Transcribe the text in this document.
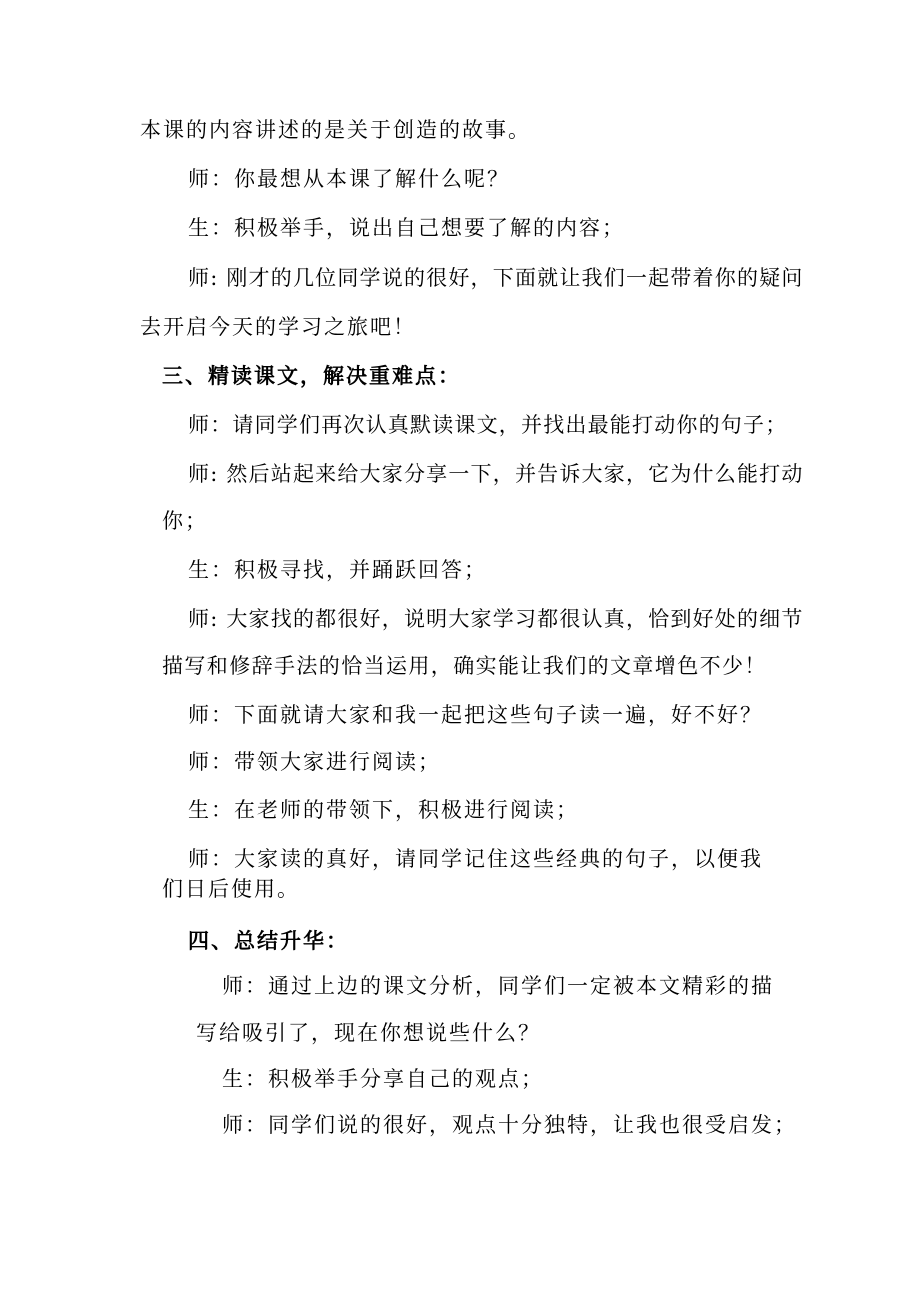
本课的内容讲述的是关于创造的故事。
师：你最想从本课了解什么呢？
生：积极举手，说出自己想要了解的内容；
师: 刚才的几位同学说的很好，下面就让我们一起带着你的疑问
去开启今天的学习之旅吧！
三、精读课文，解决重难点：
师：请同学们再次认真默读课文，并找出最能打动你的句子；
师: 然后站起来给大家分享一下，并告诉大家，它为什么能打动
你；
生：积极寻找，并踊跃回答；
师: 大家找的都很好，说明大家学习都很认真，恰到好处的细节
描写和修辞手法的恰当运用，确实能让我们的文章增色不少！
师：下面就请大家和我一起把这些句子读一遍，好不好？
师：带领大家进行阅读；
生：在老师的带领下，积极进行阅读；
师：大家读的真好，请同学记住这些经典的句子，以便我
们日后使用。
四、总结升华：
师：通过上边的课文分析，同学们一定被本文精彩的描
写给吸引了，现在你想说些什么？
生：积极举手分享自己的观点；
师：同学们说的很好，观点十分独特，让我也很受启发；
